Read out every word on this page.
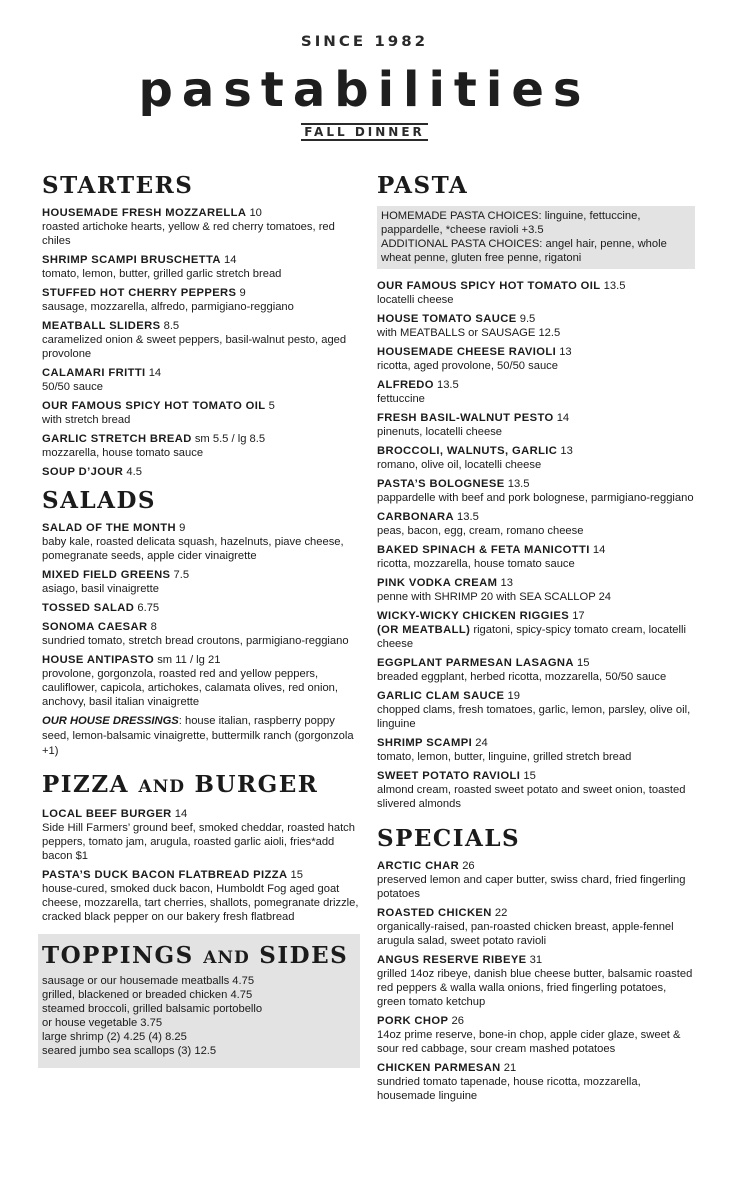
SINCE 1982
pastabilities
FALL DINNER
STARTERS
HOUSEMADE FRESH MOZZARELLA 10
roasted artichoke hearts, yellow & red cherry tomatoes, red chiles
SHRIMP SCAMPI BRUSCHETTA 14
tomato, lemon, butter, grilled garlic stretch bread
STUFFED HOT CHERRY PEPPERS 9
sausage, mozzarella, alfredo, parmigiano-reggiano
MEATBALL SLIDERS 8.5
caramelized onion & sweet peppers, basil-walnut pesto, aged provolone
CALAMARI FRITTI 14
50/50 sauce
OUR FAMOUS SPICY HOT TOMATO OIL 5
with stretch bread
GARLIC STRETCH BREAD sm 5.5 / lg 8.5
mozzarella, house tomato sauce
SOUP D’JOUR 4.5
SALADS
SALAD OF THE MONTH 9
baby kale, roasted delicata squash, hazelnuts, piave cheese, pomegranate seeds, apple cider vinaigrette
MIXED FIELD GREENS 7.5
asiago, basil vinaigrette
TOSSED SALAD 6.75
SONOMA CAESAR 8
sundried tomato, stretch bread croutons, parmigiano-reggiano
HOUSE ANTIPASTO sm 11 / lg 21
provolone, gorgonzola, roasted red and yellow peppers, cauliflower, capicola, artichokes, calamata olives, red onion, anchovy, basil italian vinaigrette
OUR HOUSE DRESSINGS: house italian, raspberry poppy seed, lemon-balsamic vinaigrette, buttermilk ranch (gorgonzola +1)
PIZZA AND BURGER
LOCAL BEEF BURGER 14
Side Hill Farmers’ ground beef, smoked cheddar, roasted hatch peppers, tomato jam, arugula, roasted garlic aioli, fries*add bacon $1
PASTA’S DUCK BACON FLATBREAD PIZZA 15
house-cured, smoked duck bacon, Humboldt Fog aged goat cheese, mozzarella, tart cherries, shallots, pomegranate drizzle, cracked black pepper on our bakery fresh flatbread
TOPPINGS AND SIDES
sausage or our housemade meatballs 4.75
grilled, blackened or breaded chicken 4.75
steamed broccoli, grilled balsamic portobello
or house vegetable 3.75
large shrimp (2) 4.25 (4) 8.25
seared jumbo sea scallops (3) 12.5
PASTA
HOMEMADE PASTA CHOICES: linguine, fettuccine, pappardelle, *cheese ravioli +3.5
ADDITIONAL PASTA CHOICES: angel hair, penne, whole wheat penne, gluten free penne, rigatoni
OUR FAMOUS SPICY HOT TOMATO OIL 13.5
locatelli cheese
HOUSE TOMATO SAUCE 9.5
with MEATBALLS or SAUSAGE 12.5
HOUSEMADE CHEESE RAVIOLI 13
ricotta, aged provolone, 50/50 sauce
ALFREDO 13.5
fettuccine
FRESH BASIL-WALNUT PESTO 14
pinenuts, locatelli cheese
BROCCOLI, WALNUTS, GARLIC 13
romano, olive oil, locatelli cheese
PASTA’S BOLOGNESE 13.5
pappardelle with beef and pork bolognese, parmigiano-reggiano
CARBONARA 13.5
peas, bacon, egg, cream, romano cheese
BAKED SPINACH & FETA MANICOTTI 14
ricotta, mozzarella, house tomato sauce
PINK VODKA CREAM 13
penne with SHRIMP 20 with SEA SCALLOP 24
WICKY-WICKY CHICKEN RIGGIES 17
(OR MEATBALL) rigatoni, spicy-spicy tomato cream, locatelli cheese
EGGPLANT PARMESAN LASAGNA 15
breaded eggplant, herbed ricotta, mozzarella, 50/50 sauce
GARLIC CLAM SAUCE 19
chopped clams, fresh tomatoes, garlic, lemon, parsley, olive oil, linguine
SHRIMP SCAMPI 24
tomato, lemon, butter, linguine, grilled stretch bread
SWEET POTATO RAVIOLI 15
almond cream, roasted sweet potato and sweet onion, toasted slivered almonds
SPECIALS
ARCTIC CHAR 26
preserved lemon and caper butter, swiss chard, fried fingerling potatoes
ROASTED CHICKEN 22
organically-raised, pan-roasted chicken breast, apple-fennel arugula salad, sweet potato ravioli
ANGUS RESERVE RIBEYE 31
grilled 14oz ribeye, danish blue cheese butter, balsamic roasted red peppers & walla walla onions, fried fingerling potatoes, green tomato ketchup
PORK CHOP 26
14oz prime reserve, bone-in chop, apple cider glaze, sweet & sour red cabbage, sour cream mashed potatoes
CHICKEN PARMESAN 21
sundried tomato tapenade, house ricotta, mozzarella, housemade linguine
